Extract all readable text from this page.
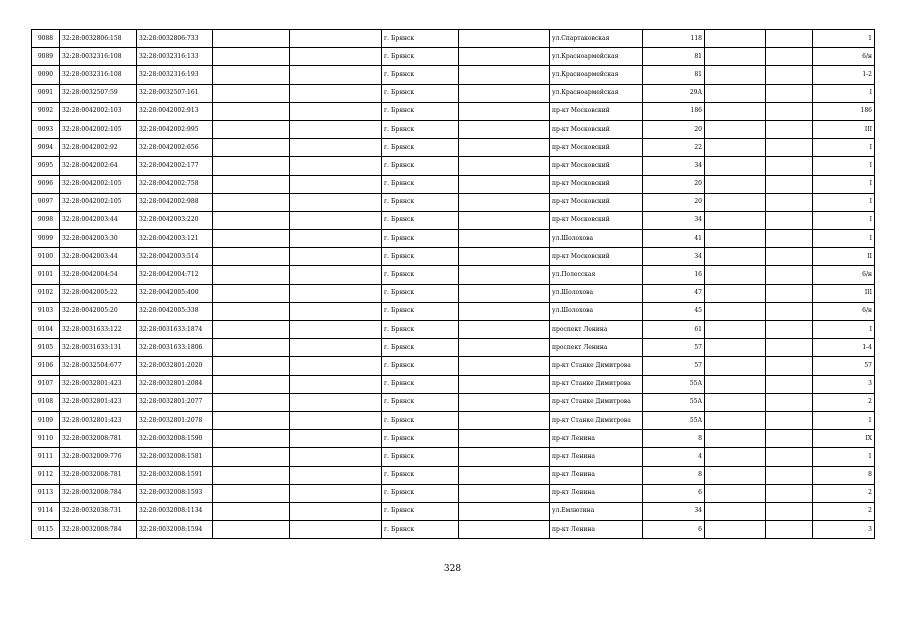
9088	32:28:0032806:158	32:28:0032806:733			г. Брянск		ул.Спартаковская	118			1
9089	32:28:0032316:108	32:28:0032316:133			г. Брянск		ул.Красноармейская	81			6/н
9090	32:28:0032316:108	32:28:0032316:193			г. Брянск		ул.Красноармейская	81			1-2
9091	32:28:0032507:59	32:28:0032507:161			г. Брянск		ул.Красноармейская	29А			I
9092	32:28:0042002:103	32:28:0042002:913			г. Брянск		пр-кт Московский	186			186
9093	32:28:0042002:105	32:28:0042002:995			г. Брянск		пр-кт Московский	20			III
9094	32:28:0042002:92	32:28:0042002:656			г. Брянск		пр-кт Московский	22			I
9095	32:28:0042002:64	32:28:0042002:177			г. Брянск		пр-кт Московский	34			I
9096	32:28:0042002:105	32:28:0042002:758			г. Брянск		пр-кт Московский	20			I
9097	32:28:0042002:105	32:28:0042002:988			г. Брянск		пр-кт Московский	20			I
9098	32:28:0042003:44	32:28:0042003:220			г. Брянск		пр-кт Московский	34			I
9099	32:28:0042003:30	32:28:0042003:121			г. Брянск		ул.Шолохова	41			I
9100	32:28:0042003:44	32:28:0042003:514			г. Брянск		пр-кт Московский	34			II
9101	32:28:0042004:54	32:28:0042004:712			г. Брянск		ул.Полесская	16			6/н
9102	32:28:0042005:22	32:28:0042005:400			г. Брянск		ул.Шолохова	47			III
9103	32:28:0042005:20	32:28:0042005:338			г. Брянск		ул.Шолохова	45			6/н
9104	32:28:0031633:122	32:28:0031633:1874			г. Брянск		проспект Ленина	61			I
9105	32:28:0031633:131	32:28:0031633:1806			г. Брянск		проспект Ленина	57			1-4
9106	32:28:0032504:677	32:28:0032801:2020			г. Брянск		пр-кт Станке Димитрова	57			57
9107	32:28:0032801:423	32:28:0032801:2084			г. Брянск		пр-кт Станке Димитрова	55А			3
9108	32:28:0032801:423	32:28:0032801:2077			г. Брянск		пр-кт Станке Димитрова	55А			2
9109	32:28:0032801:423	32:28:0032801:2078			г. Брянск		пр-кт Станке Димитрова	55А			1
9110	32:28:0032008:781	32:28:0032008:1590			г. Брянск		пр-кт Ленина	8			IX
9111	32:28:0032009:776	32:28:0032008:1581			г. Брянск		пр-кт Ленина	4			1
9112	32:28:0032008:781	32:28:0032008:1591			г. Брянск		пр-кт Ленина	8			8
9113	32:28:0032008:784	32:28:0032008:1593			г. Брянск		пр-кт Ленина	6			2
9114	32:28:0032038:731	32:28:0032008:1134			г. Брянск		ул.Емлютина	34			2
9115	32:28:0032008:784	32:28:0032008:1594			г. Брянск		пр-кт Ленина	6			3
328
